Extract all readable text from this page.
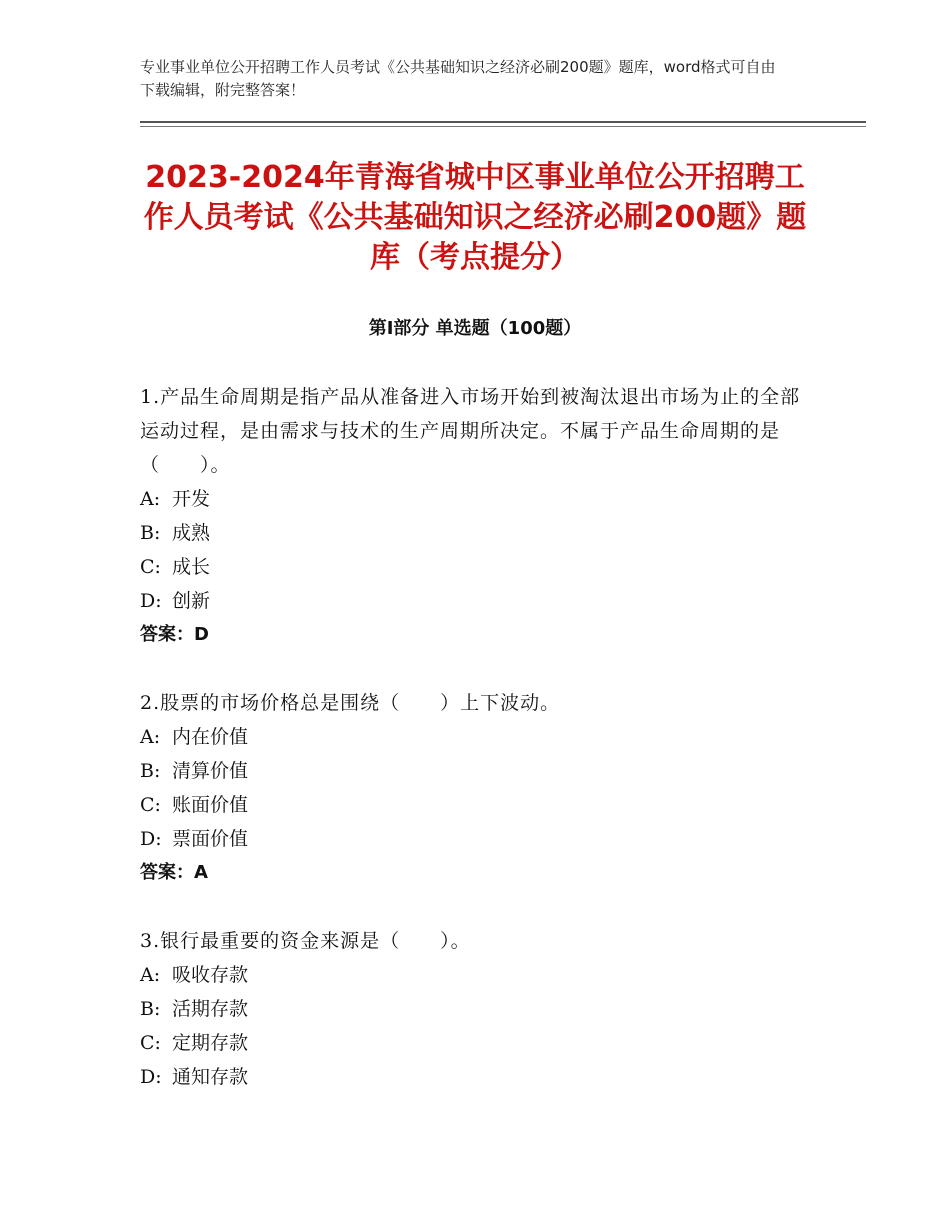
专业事业单位公开招聘工作人员考试《公共基础知识之经济必刷200题》题库，word格式可自由下载编辑，附完整答案！
2023-2024年青海省城中区事业单位公开招聘工作人员考试《公共基础知识之经济必刷200题》题库（考点提分）
第Ⅰ部分 单选题（100题）
1.产品生命周期是指产品从准备进入市场开始到被淘汰退出市场为止的全部运动过程，是由需求与技术的生产周期所决定。不属于产品生命周期的是（　　）。
A: 开发
B: 成熟
C: 成长
D: 创新
答案：D
2.股票的市场价格总是围绕（　　）上下波动。
A: 内在价值
B: 清算价值
C: 账面价值
D: 票面价值
答案：A
3.银行最重要的资金来源是（　　）。
A: 吸收存款
B: 活期存款
C: 定期存款
D: 通知存款
